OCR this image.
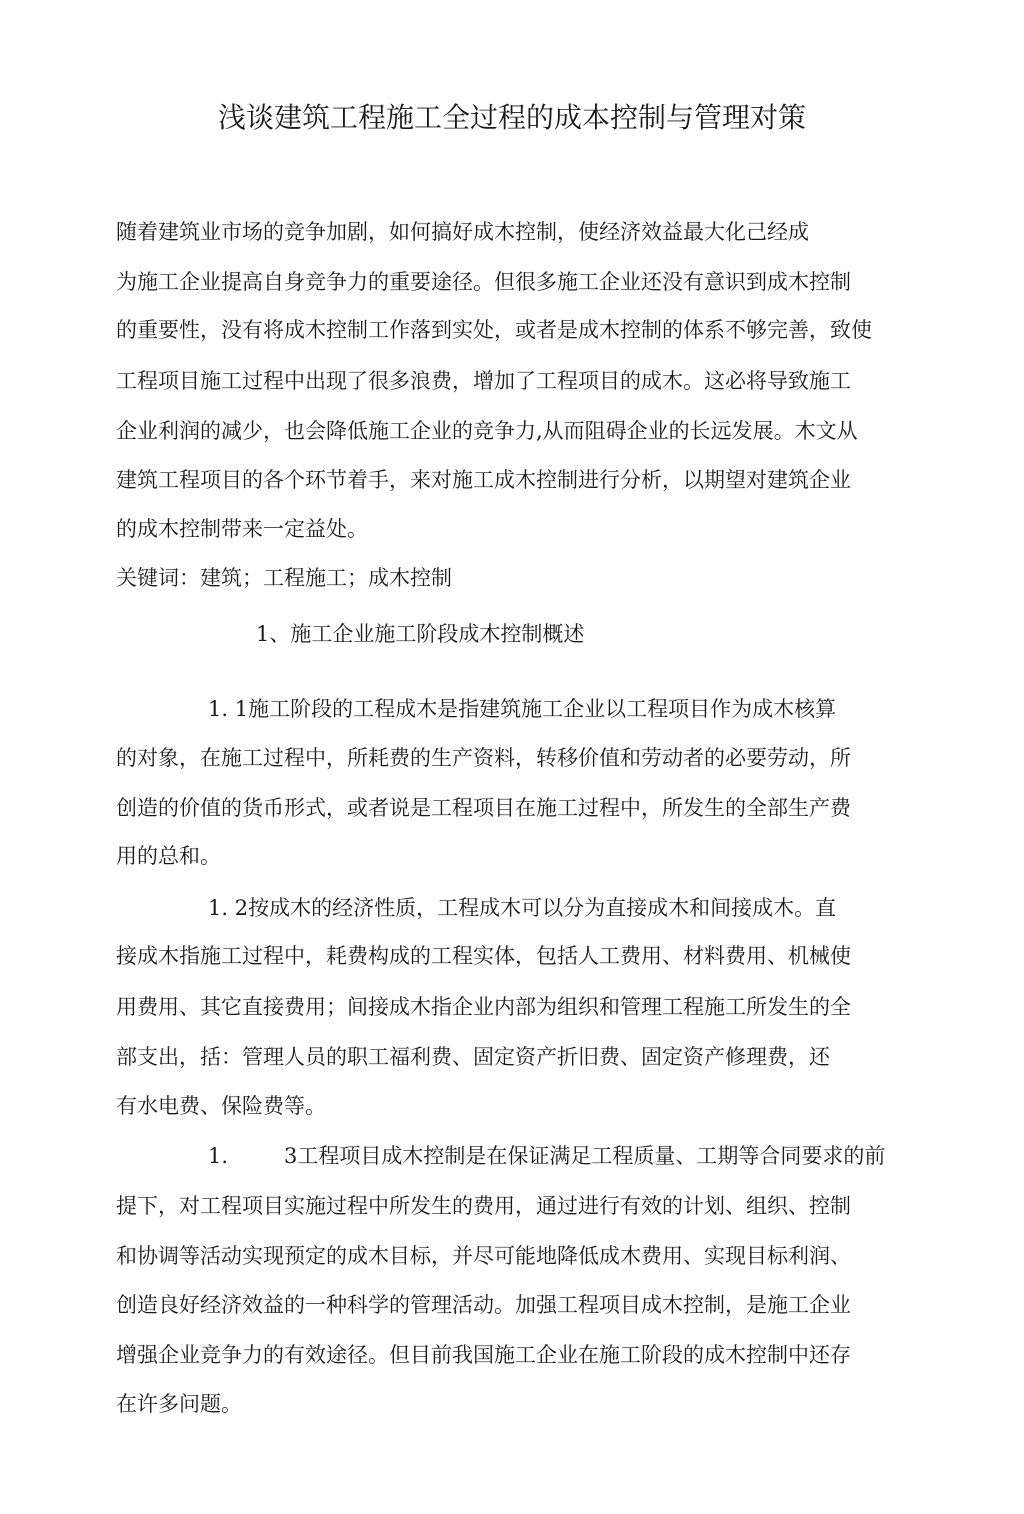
浅谈建筑工程施工全过程的成本控制与管理对策
随着建筑业市场的竞争加剧，如何搞好成木控制，使经济效益最大化己经成
为施工企业提高自身竞争力的重要途径。但很多施工企业还没有意识到成木控制
的重要性，没有将成木控制工作落到实处，或者是成木控制的体系不够完善，致使
工程项目施工过程中出现了很多浪费，增加了工程项目的成木。这必将导致施工
企业利润的减少，也会降低施工企业的竞争力,从而阻碍企业的长远发展。木文从
建筑工程项目的各个环节着手，来对施工成木控制进行分析，以期望对建筑企业
的成木控制带来一定益处。
关键词：建筑；工程施工；成木控制
1、施工企业施工阶段成木控制概述
1. 1施工阶段的工程成木是指建筑施工企业以工程项目作为成木核算
的对象，在施工过程中，所耗费的生产资料，转移价值和劳动者的必要劳动，所
创造的价值的货币形式，或者说是工程项目在施工过程中，所发生的全部生产费
用的总和。
1. 2按成木的经济性质，工程成木可以分为直接成木和间接成木。直
接成木指施工过程中，耗费构成的工程实体，包括人工费用、材料费用、机械使
用费用、其它直接费用；间接成木指企业内部为组织和管理工程施工所发生的全
部支出，括：管理人员的职工福利费、固定资产折旧费、固定资产修理费，还
有水电费、保险费等。
1.	3工程项目成木控制是在保证满足工程质量、工期等合同要求的前
提下，对工程项目实施过程中所发生的费用，通过进行有效的计划、组织、控制
和协调等活动实现预定的成木目标，并尽可能地降低成木费用、实现目标利润、
创造良好经济效益的一种科学的管理活动。加强工程项目成木控制，是施工企业
增强企业竞争力的有效途径。但目前我国施工企业在施工阶段的成木控制中还存
在许多问题。
